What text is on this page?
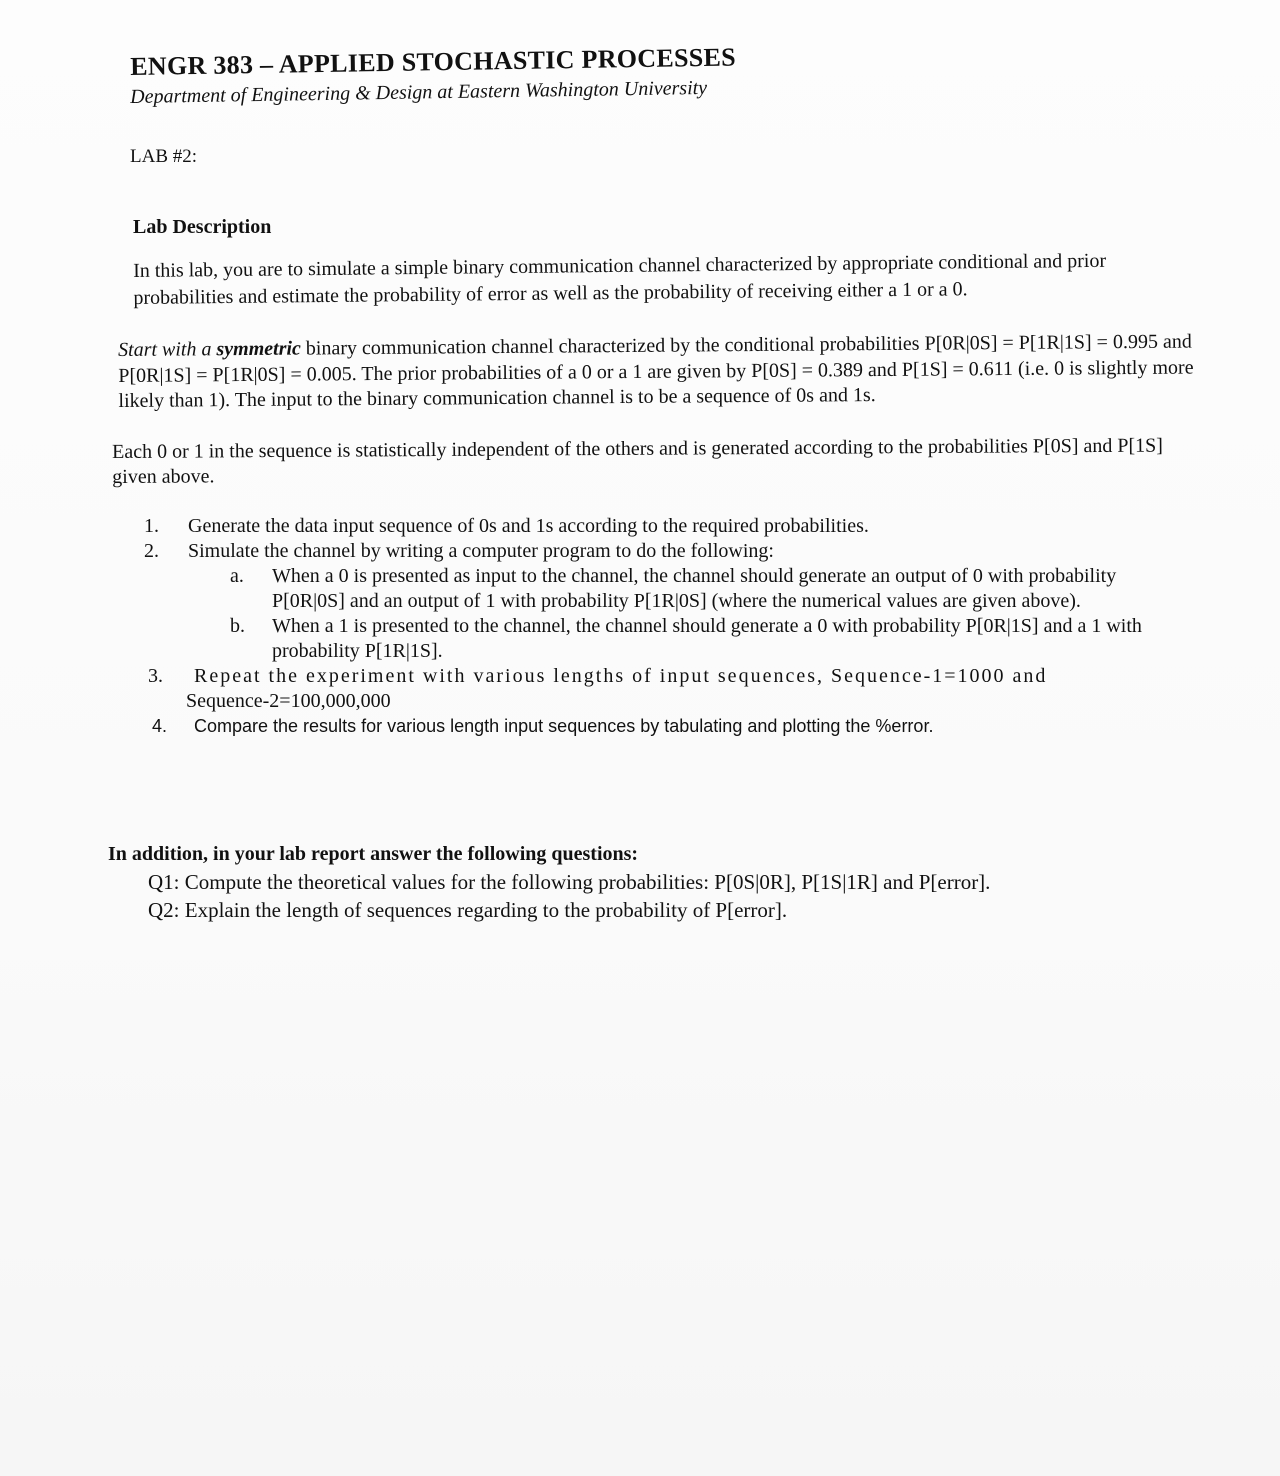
ENGR 383 – APPLIED STOCHASTIC PROCESSES
Department of Engineering & Design at Eastern Washington University
LAB #2:
Lab Description
In this lab, you are to simulate a simple binary communication channel characterized by appropriate conditional and prior probabilities and estimate the probability of error as well as the probability of receiving either a 1 or a 0.
Start with a symmetric binary communication channel characterized by the conditional probabilities P[0R|0S] = P[1R|1S] = 0.995 and P[0R|1S] = P[1R|0S] = 0.005. The prior probabilities of a 0 or a 1 are given by P[0S] = 0.389 and P[1S] = 0.611 (i.e. 0 is slightly more likely than 1). The input to the binary communication channel is to be a sequence of 0s and 1s.
Each 0 or 1 in the sequence is statistically independent of the others and is generated according to the probabilities P[0S] and P[1S] given above.
1. Generate the data input sequence of 0s and 1s according to the required probabilities.
2. Simulate the channel by writing a computer program to do the following:
a. When a 0 is presented as input to the channel, the channel should generate an output of 0 with probability P[0R|0S] and an output of 1 with probability P[1R|0S] (where the numerical values are given above).
b. When a 1 is presented to the channel, the channel should generate a 0 with probability P[0R|1S] and a 1 with probability P[1R|1S].
3. Repeat the experiment with various lengths of input sequences, Sequence-1=1000 and
Sequence-2=100,000,000
4. Compare the results for various length input sequences by tabulating and plotting the %error.
In addition, in your lab report answer the following questions:
Q1: Compute the theoretical values for the following probabilities: P[0S|0R], P[1S|1R] and P[error].
Q2: Explain the length of sequences regarding to the probability of P[error].
